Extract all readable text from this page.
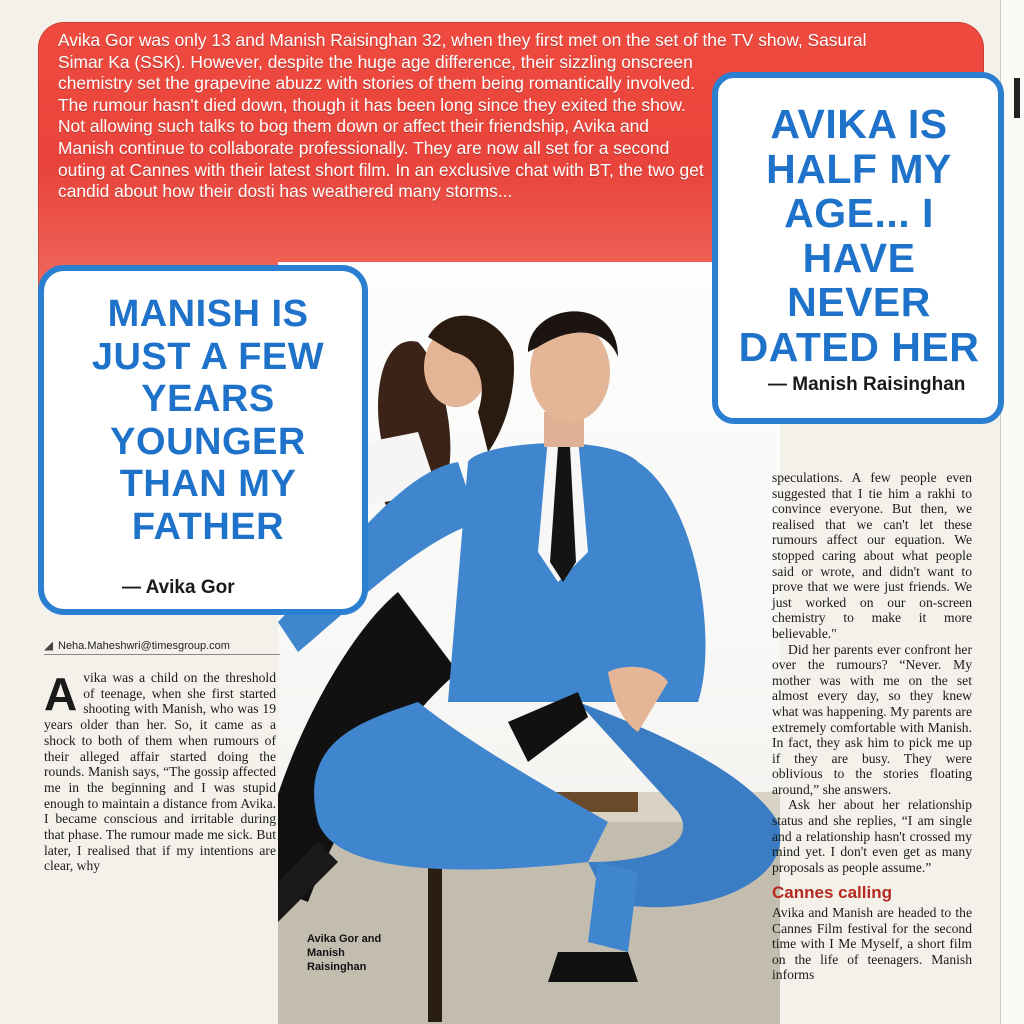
Avika Gor was only 13 and Manish Raisinghan 32, when they first met on the set of the TV show, Sasural
Simar Ka (SSK). However, despite the huge age difference, their sizzling onscreen chemistry set the grapevine abuzz with stories of them being romantically involved. The rumour hasn't died down, though it has been long since they exited the show. Not allowing such talks to bog them down or affect their friendship, Avika and Manish continue to collaborate professionally. They are now all set for a second outing at Cannes with their latest short film. In an exclusive chat with BT, the two get candid about how their dosti has weathered many storms...

AVIKA IS HALF MY AGE... I HAVE NEVER DATED HER

— Manish Raisinghan

MANISH IS JUST A FEW YEARS YOUNGER THAN MY FATHER

— Avika Gor

Neha.Maheshwri@timesgroup.com

Avika was a child on the threshold of teenage, when she first started shooting with Manish, who was 19 years older than her. So, it came as a shock to both of them when rumours of their alleged affair started doing the rounds. Manish says, “The gossip affected me in the beginning and I was stupid enough to maintain a distance from Avika. I became conscious and irritable during that phase. The rumour made me sick. But later, I realised that if my intentions are clear, why

speculations. A few people even suggested that I tie him a rakhi to convince everyone. But then, we realised that we can't let these rumours affect our equation. We stopped caring about what people said or wrote, and didn't want to prove that we were just friends. We just worked on our on-screen chemistry to make it more believable."

Did her parents ever confront her over the rumours? “Never. My mother was with me on the set almost every day, so they knew what was happening. My parents are extremely comfortable with Manish. In fact, they ask him to pick me up if they are busy. They were oblivious to the stories floating around,” she answers.

Ask her about her relationship status and she replies, “I am single and a relationship hasn't crossed my mind yet. I don't even get as many proposals as people assume.”

Cannes calling

Avika and Manish are headed to the Cannes Film festival for the second time with I Me Myself, a short film on the life of teenagers. Manish informs

Avika Gor and Manish Raisinghan
